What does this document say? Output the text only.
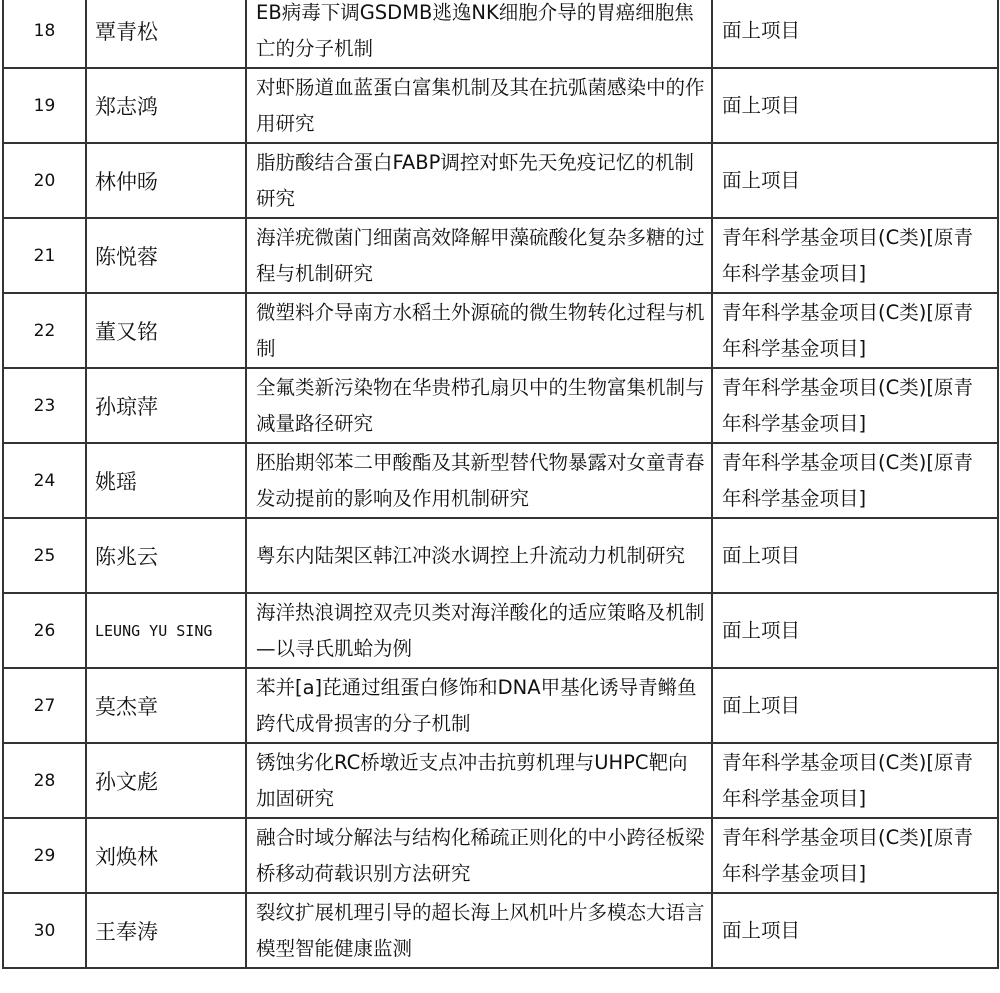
18	覃青松	EB病毒下调GSDMB逃逸NK细胞介导的胃癌细胞焦亡的分子机制	面上项目
19	郑志鸿	对虾肠道血蓝蛋白富集机制及其在抗弧菌感染中的作用研究	面上项目
20	林仲旸	脂肪酸结合蛋白FABP调控对虾先天免疫记忆的机制研究	面上项目
21	陈悦蓉	海洋疣微菌门细菌高效降解甲藻硫酸化复杂多糖的过程与机制研究	青年科学基金项目(C类)[原青年科学基金项目]
22	董又铭	微塑料介导南方水稻土外源硫的微生物转化过程与机制	青年科学基金项目(C类)[原青年科学基金项目]
23	孙琼萍	全氟类新污染物在华贵栉孔扇贝中的生物富集机制与减量路径研究	青年科学基金项目(C类)[原青年科学基金项目]
24	姚瑶	胚胎期邻苯二甲酸酯及其新型替代物暴露对女童青春发动提前的影响及作用机制研究	青年科学基金项目(C类)[原青年科学基金项目]
25	陈兆云	粤东内陆架区韩江冲淡水调控上升流动力机制研究	面上项目
26	LEUNG YU SING	海洋热浪调控双壳贝类对海洋酸化的适应策略及机制—以寻氏肌蛤为例	面上项目
27	莫杰章	苯并[a]芘通过组蛋白修饰和DNA甲基化诱导青鳉鱼跨代成骨损害的分子机制	面上项目
28	孙文彪	锈蚀劣化RC桥墩近支点冲击抗剪机理与UHPC靶向加固研究	青年科学基金项目(C类)[原青年科学基金项目]
29	刘焕林	融合时域分解法与结构化稀疏正则化的中小跨径板梁桥移动荷载识别方法研究	青年科学基金项目(C类)[原青年科学基金项目]
30	王奉涛	裂纹扩展机理引导的超长海上风机叶片多模态大语言模型智能健康监测	面上项目
